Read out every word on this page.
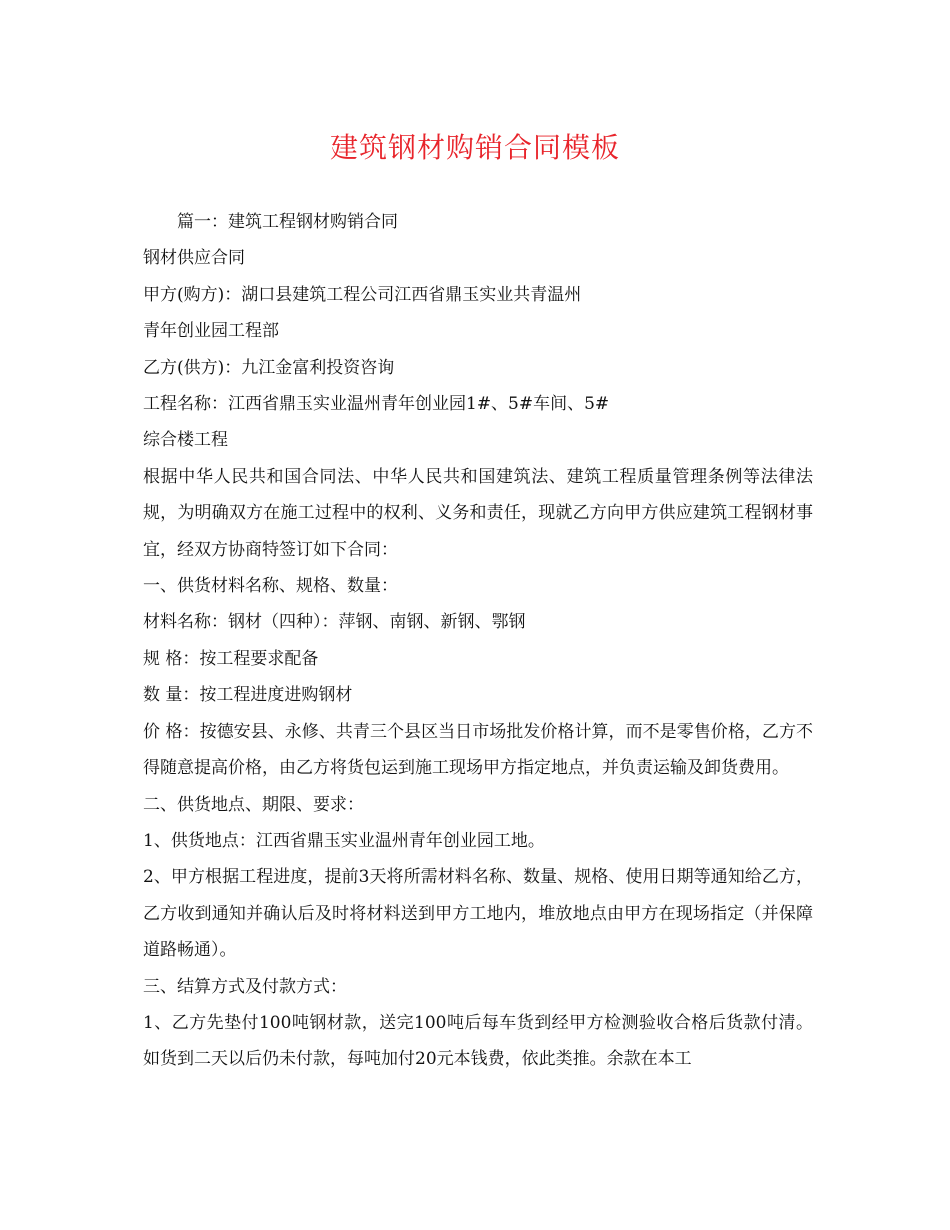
建筑钢材购销合同模板

篇一：建筑工程钢材购销合同

钢材供应合同

甲方(购方)：湖口县建筑工程公司江西省鼎玉实业共青温州

青年创业园工程部

乙方(供方)：九江金富利投资咨询

工程名称：江西省鼎玉实业温州青年创业园1#、5#车间、5#

综合楼工程

根据中华人民共和国合同法、中华人民共和国建筑法、建筑工程质量管理条例等法律法规，为明确双方在施工过程中的权利、义务和责任，现就乙方向甲方供应建筑工程钢材事宜，经双方协商特签订如下合同：

一、供货材料名称、规格、数量：

材料名称：钢材（四种）：萍钢、南钢、新钢、鄂钢

规 格：按工程要求配备

数 量：按工程进度进购钢材

价 格：按德安县、永修、共青三个县区当日市场批发价格计算，而不是零售价格，乙方不得随意提高价格，由乙方将货包运到施工现场甲方指定地点，并负责运输及卸货费用。

二、供货地点、期限、要求：

1、供货地点：江西省鼎玉实业温州青年创业园工地。

2、甲方根据工程进度，提前3天将所需材料名称、数量、规格、使用日期等通知给乙方，乙方收到通知并确认后及时将材料送到甲方工地内，堆放地点由甲方在现场指定（并保障道路畅通）。

三、结算方式及付款方式：

1、乙方先垫付100吨钢材款，送完100吨后每车货到经甲方检测验收合格后货款付清。如货到二天以后仍未付款，每吨加付20元本钱费，依此类推。余款在本工
